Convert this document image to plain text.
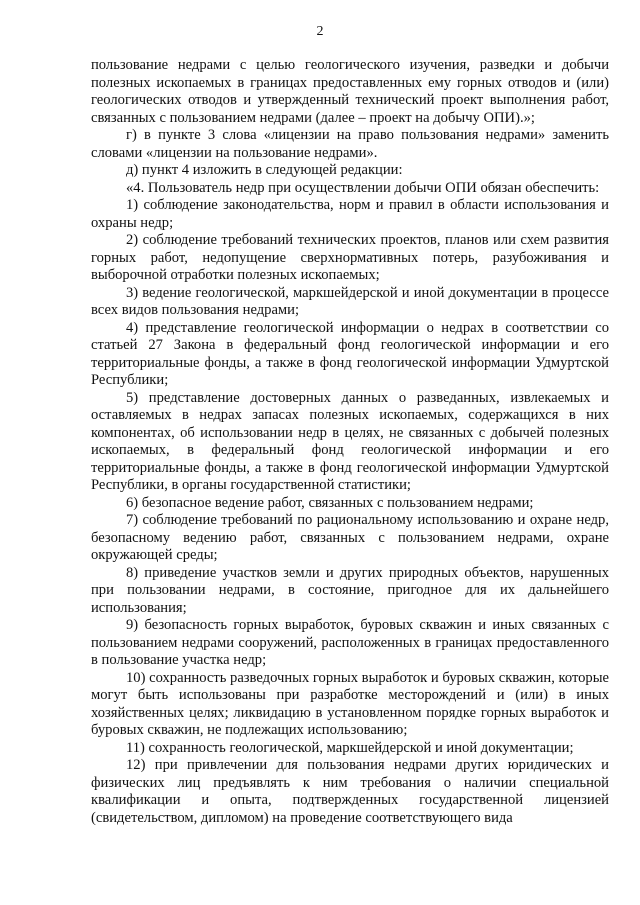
2

пользование недрами с целью геологического изучения, разведки и добычи полезных ископаемых в границах предоставленных ему горных отводов и (или) геологических отводов и утвержденный технический проект выполнения работ, связанных с пользованием недрами (далее – проект на добычу ОПИ).»;

г) в пункте 3 слова «лицензии на право пользования недрами» заменить словами «лицензии на пользование недрами».

д) пункт 4 изложить в следующей редакции:

«4. Пользователь недр при осуществлении добычи ОПИ обязан обеспечить:

1) соблюдение законодательства, норм и правил в области использования и охраны недр;

2) соблюдение требований технических проектов, планов или схем развития горных работ, недопущение сверхнормативных потерь, разубоживания и выборочной отработки полезных ископаемых;

3) ведение геологической, маркшейдерской и иной документации в процессе всех видов пользования недрами;

4) представление геологической информации о недрах в соответствии со статьей 27 Закона в федеральный фонд геологической информации и его территориальные фонды, а также в фонд геологической информации Удмуртской Республики;

5) представление достоверных данных о разведанных, извлекаемых и оставляемых в недрах запасах полезных ископаемых, содержащихся в них компонентах, об использовании недр в целях, не связанных с добычей полезных ископаемых, в федеральный фонд геологической информации и его территориальные фонды, а также в фонд геологической информации Удмуртской Республики, в органы государственной статистики;

6) безопасное ведение работ, связанных с пользованием недрами;

7) соблюдение требований по рациональному использованию и охране недр, безопасному ведению работ, связанных с пользованием недрами, охране окружающей среды;

8) приведение участков земли и других природных объектов, нарушенных при пользовании недрами, в состояние, пригодное для их дальнейшего использования;

9) безопасность горных выработок, буровых скважин и иных связанных с пользованием недрами сооружений, расположенных в границах предоставленного в пользование участка недр;

10) сохранность разведочных горных выработок и буровых скважин, которые могут быть использованы при разработке месторождений и (или) в иных хозяйственных целях; ликвидацию в установленном порядке горных выработок и буровых скважин, не подлежащих использованию;

11) сохранность геологической, маркшейдерской и иной документации;

12) при привлечении для пользования недрами других юридических и физических лиц предъявлять к ним требования о наличии специальной квалификации и опыта, подтвержденных государственной лицензией (свидетельством, дипломом) на проведение соответствующего вида
